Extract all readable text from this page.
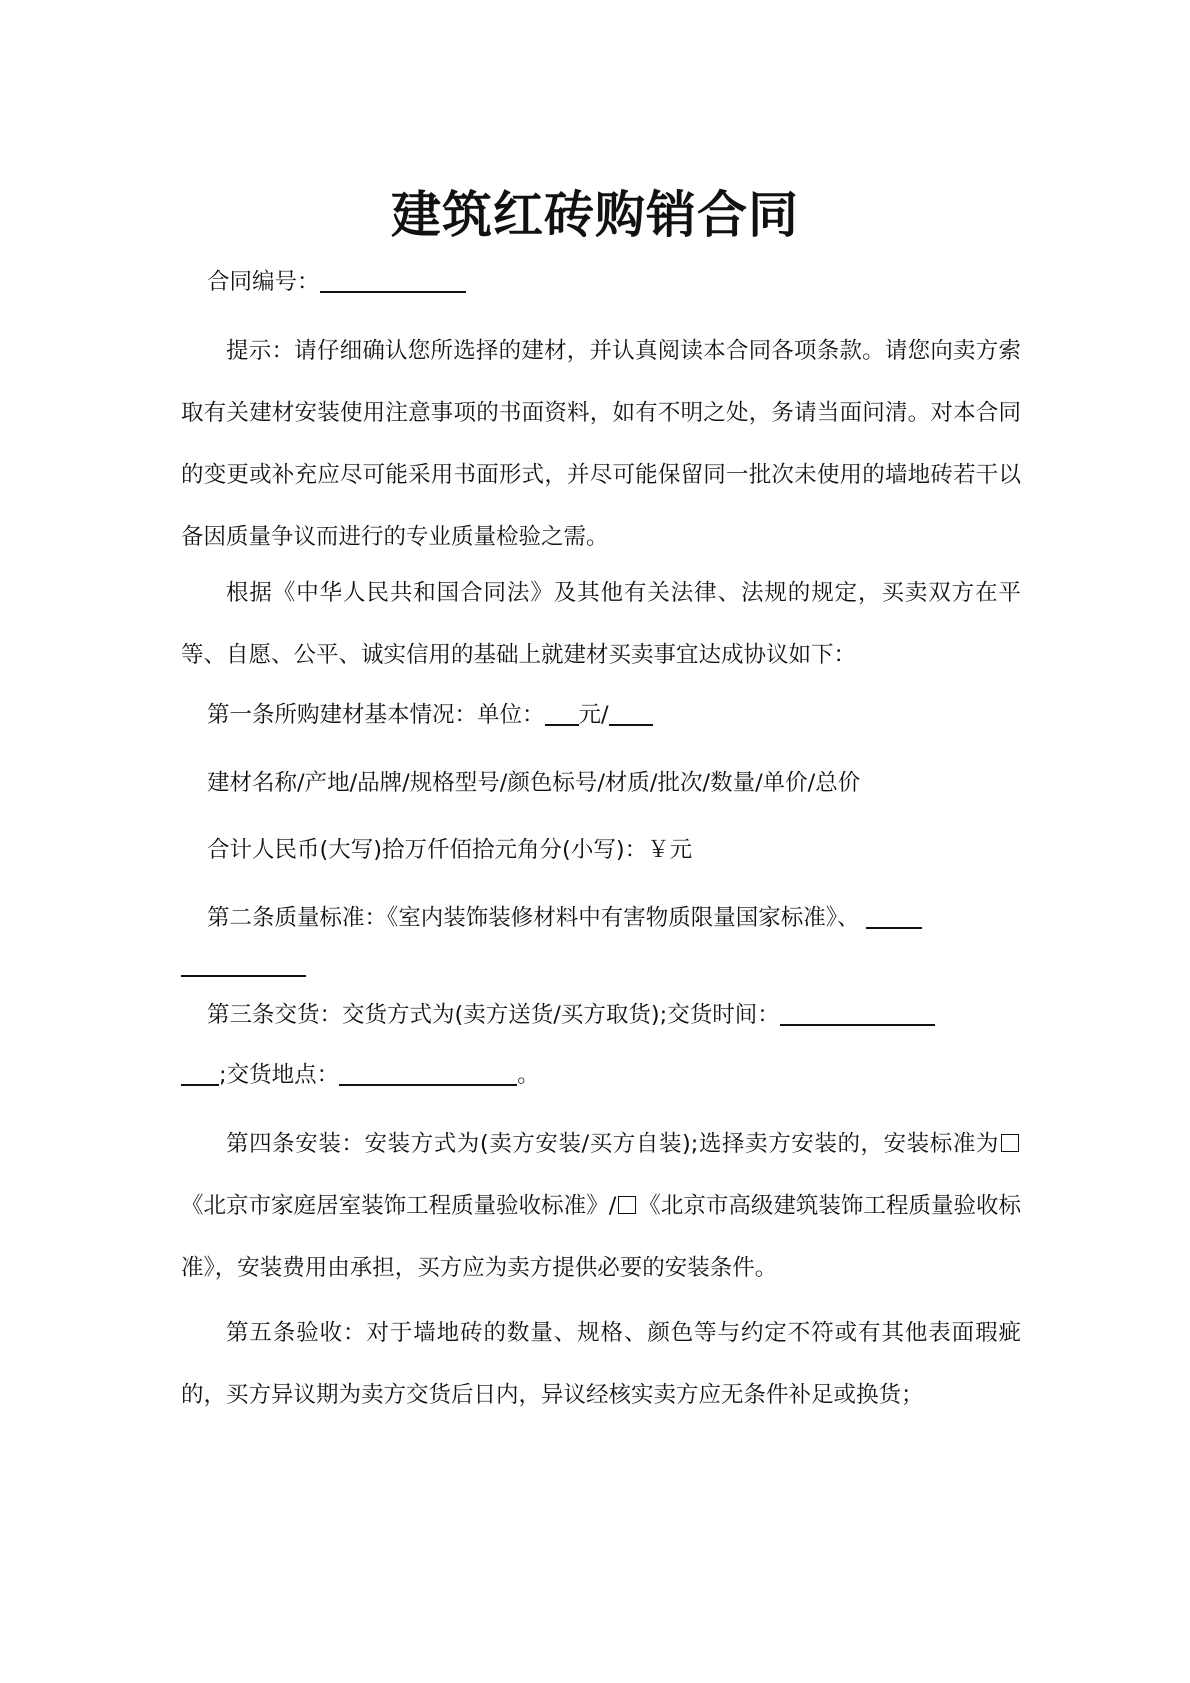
建筑红砖购销合同
合同编号：

提示：请仔细确认您所选择的建材，并认真阅读本合同各项条款。请您向卖方索取有关建材安装使用注意事项的书面资料，如有不明之处，务请当面问清。对本合同的变更或补充应尽可能采用书面形式，并尽可能保留同一批次未使用的墙地砖若干以备因质量争议而进行的专业质量检验之需。

根据《中华人民共和国合同法》及其他有关法律、法规的规定，买卖双方在平等、自愿、公平、诚实信用的基础上就建材买卖事宜达成协议如下：

第一条所购建材基本情况：单位： 元/
建材名称/产地/品牌/规格型号/颜色标号/材质/批次/数量/单价/总价
合计人民币(大写)拾万仟佰拾元角分(小写)：￥元
第二条质量标准：《室内装饰装修材料中有害物质限量国家标准》、
第三条交货：交货方式为(卖方送货/买方取货);交货时间：
;交货地点：	。

第四条安装：安装方式为(卖方安装/买方自装);选择卖方安装的，安装标准为《北京市家庭居室装饰工程质量验收标准》/ 《北京市高级建筑装饰工程质量验收标准》，安装费用由承担，买方应为卖方提供必要的安装条件。

第五条验收：对于墙地砖的数量、规格、颜色等与约定不符或有其他表面瑕疵的，买方异议期为卖方交货后日内，异议经核实卖方应无条件补足或换货；
